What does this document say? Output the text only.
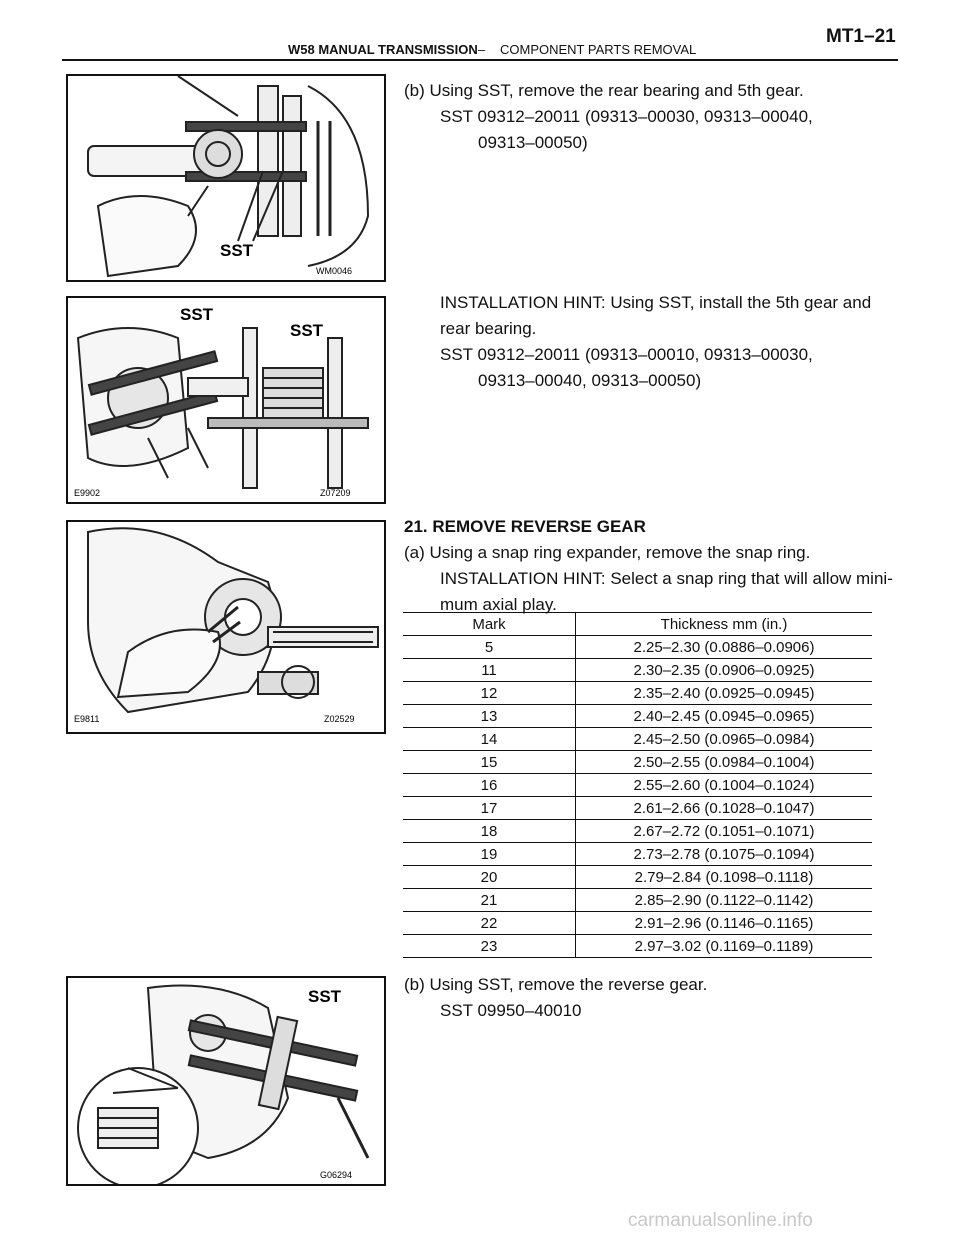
W58 MANUAL TRANSMISSION – COMPONENT PARTS REMOVAL
MT1–21
SST
WM0046
SST
SST
E9902	Z07209
E9811	Z02529
SST
G06294
(b) Using SST, remove the rear bearing and 5th gear.
SST 09312–20011 (09313–00030, 09313–00040,
09313–00050)
INSTALLATION HINT: Using SST, install the 5th gear and
rear bearing.
SST 09312–20011 (09313–00010, 09313–00030,
09313–00040, 09313–00050)
21. REMOVE REVERSE GEAR
(a) Using a snap ring expander, remove the snap ring.
INSTALLATION HINT: Select a snap ring that will allow mini-
mum axial play.
Mark	Thickness mm (in.)
5	2.25–2.30 (0.0886–0.0906)
11	2.30–2.35 (0.0906–0.0925)
12	2.35–2.40 (0.0925–0.0945)
13	2.40–2.45 (0.0945–0.0965)
14	2.45–2.50 (0.0965–0.0984)
15	2.50–2.55 (0.0984–0.1004)
16	2.55–2.60 (0.1004–0.1024)
17	2.61–2.66 (0.1028–0.1047)
18	2.67–2.72 (0.1051–0.1071)
19	2.73–2.78 (0.1075–0.1094)
20	2.79–2.84 (0.1098–0.1118)
21	2.85–2.90 (0.1122–0.1142)
22	2.91–2.96 (0.1146–0.1165)
23	2.97–3.02 (0.1169–0.1189)
(b) Using SST, remove the reverse gear.
SST 09950–40010
carmanualsonline.info
